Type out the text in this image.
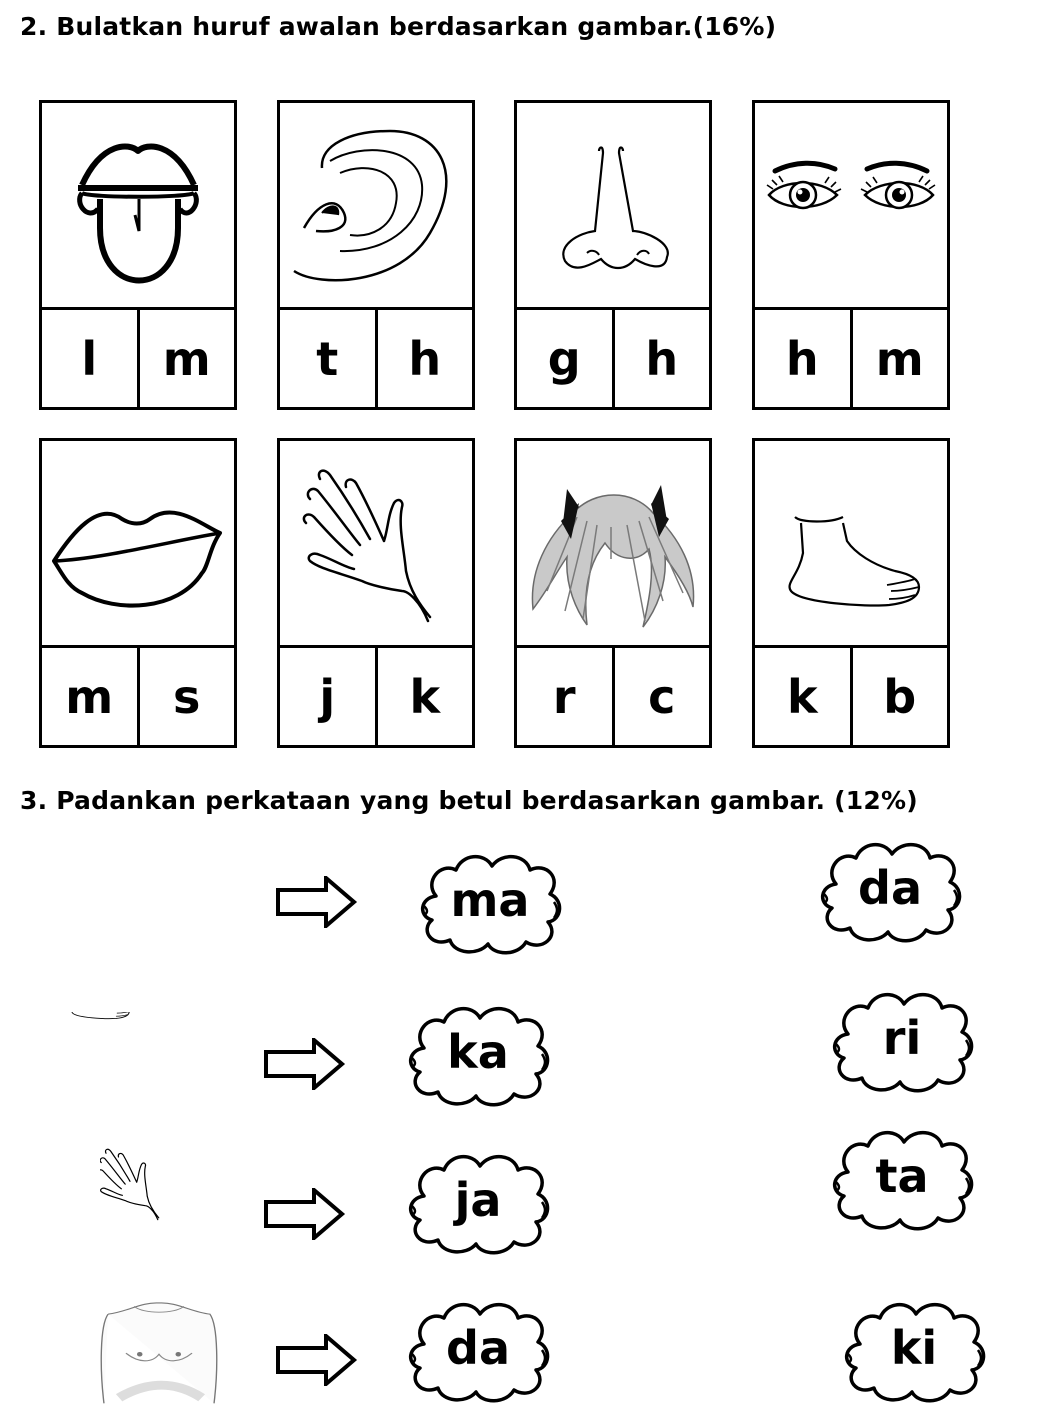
2. Bulatkan huruf awalan berdasarkan gambar.(16%)
l	m	t	h	g	h	h	m
m	s	j	k	r	c	k	b
3. Padankan perkataan yang betul berdasarkan gambar. (12%)
ma
ka
ja
da
da
ri
ta
ki
